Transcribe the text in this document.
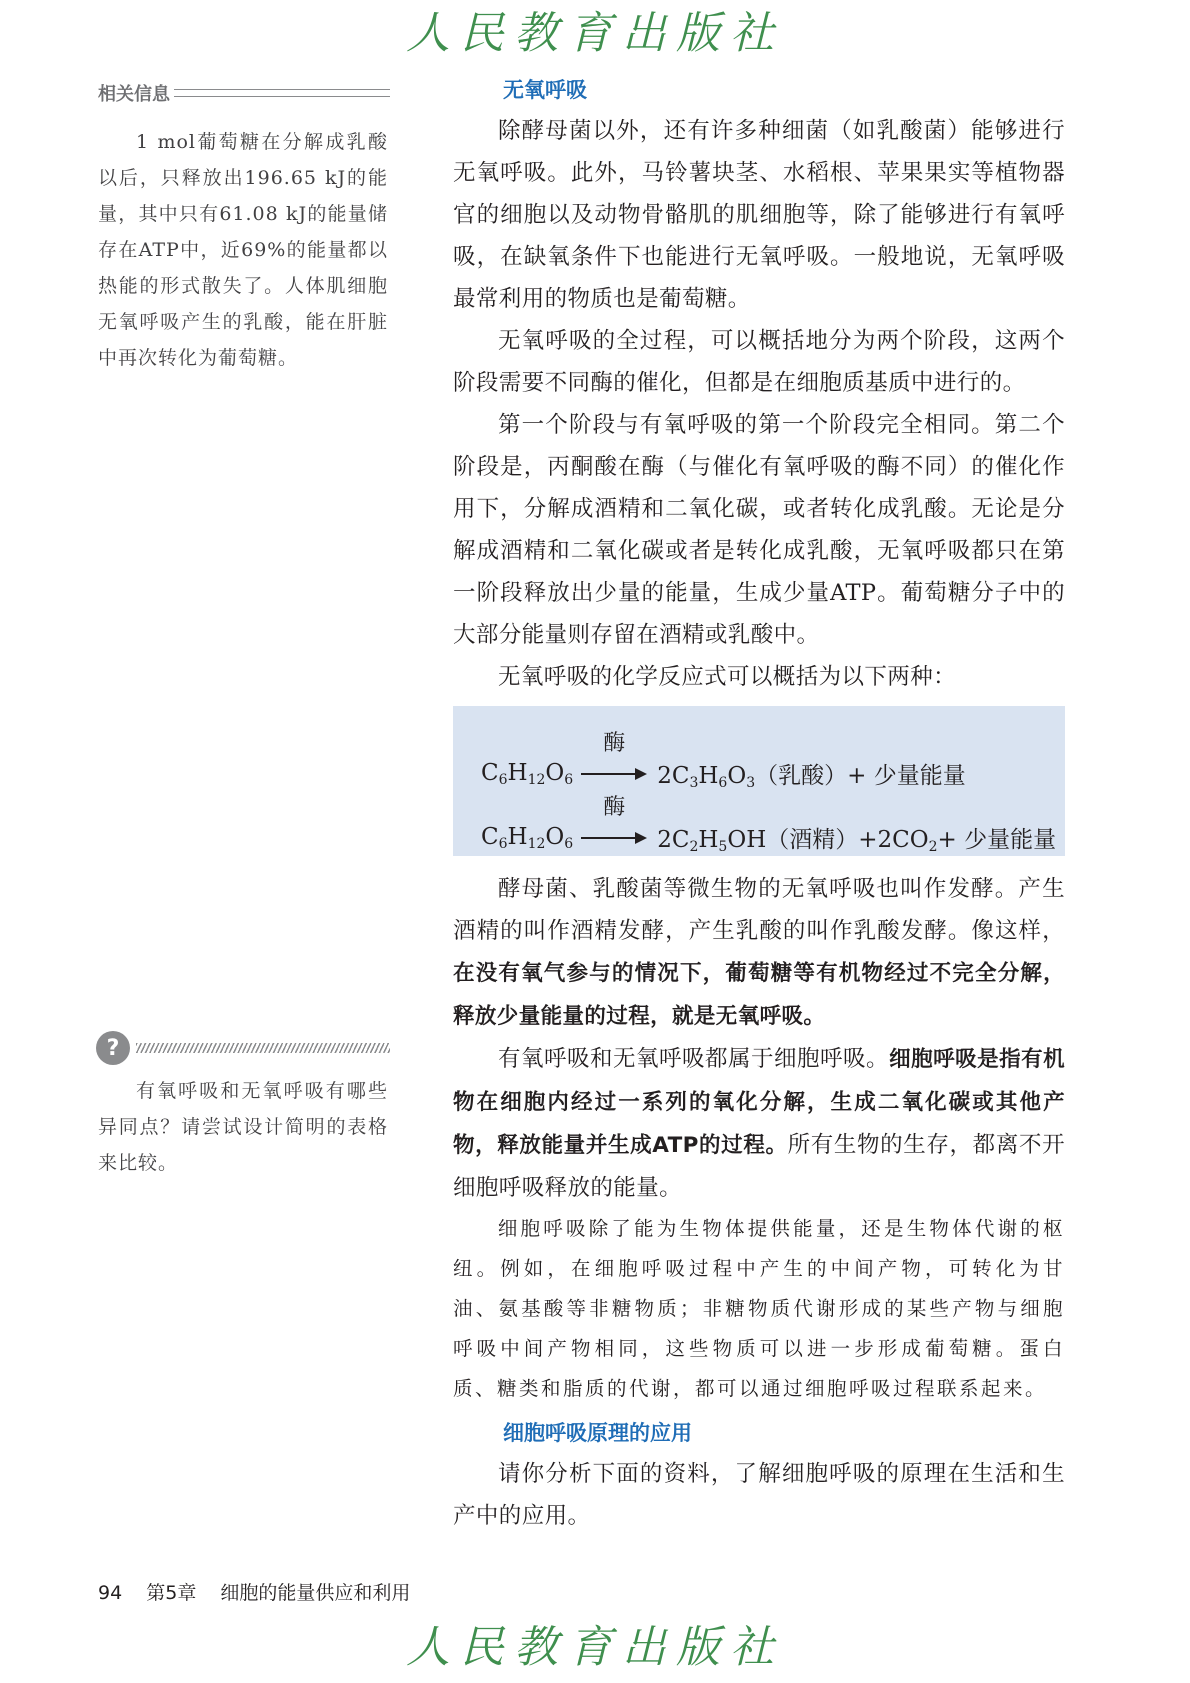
人民教育出版社
相关信息

1 mol葡萄糖在分解成乳酸以后，只释放出196.65 kJ的能量，其中只有61.08 kJ的能量储存在ATP中，近69%的能量都以热能的形式散失了。人体肌细胞无氧呼吸产生的乳酸，能在肝脏中再次转化为葡萄糖。

?

有氧呼吸和无氧呼吸有哪些异同点？请尝试设计简明的表格来比较。

无氧呼吸

除酵母菌以外，还有许多种细菌（如乳酸菌）能够进行无氧呼吸。此外，马铃薯块茎、水稻根、苹果果实等植物器官的细胞以及动物骨骼肌的肌细胞等，除了能够进行有氧呼吸，在缺氧条件下也能进行无氧呼吸。一般地说，无氧呼吸最常利用的物质也是葡萄糖。

无氧呼吸的全过程，可以概括地分为两个阶段，这两个阶段需要不同酶的催化，但都是在细胞质基质中进行的。

第一个阶段与有氧呼吸的第一个阶段完全相同。第二个阶段是，丙酮酸在酶（与催化有氧呼吸的酶不同）的催化作用下，分解成酒精和二氧化碳，或者转化成乳酸。无论是分解成酒精和二氧化碳或者是转化成乳酸，无氧呼吸都只在第一阶段释放出少量的能量，生成少量ATP。葡萄糖分子中的大部分能量则存留在酒精或乳酸中。

无氧呼吸的化学反应式可以概括为以下两种：

$C_6H_{12}O_6$
酶
$2C_3H_6O_3$（乳酸）+ 少量能量
$C_6H_{12}O_6$
酶
$2C_2H_5OH$（酒精）$+2CO_2+$ 少量能量

酵母菌、乳酸菌等微生物的无氧呼吸也叫作发酵。产生酒精的叫作酒精发酵，产生乳酸的叫作乳酸发酵。像这样，在没有氧气参与的情况下，葡萄糖等有机物经过不完全分解，释放少量能量的过程，就是无氧呼吸。

有氧呼吸和无氧呼吸都属于细胞呼吸。细胞呼吸是指有机物在细胞内经过一系列的氧化分解，生成二氧化碳或其他产物，释放能量并生成ATP的过程。所有生物的生存，都离不开细胞呼吸释放的能量。

细胞呼吸除了能为生物体提供能量，还是生物体代谢的枢纽。例如，在细胞呼吸过程中产生的中间产物，可转化为甘油、氨基酸等非糖物质；非糖物质代谢形成的某些产物与细胞呼吸中间产物相同，这些物质可以进一步形成葡萄糖。蛋白质、糖类和脂质的代谢，都可以通过细胞呼吸过程联系起来。

细胞呼吸原理的应用

请你分析下面的资料，了解细胞呼吸的原理在生活和生产中的应用。

94 第5章 细胞的能量供应和利用
人民教育出版社
